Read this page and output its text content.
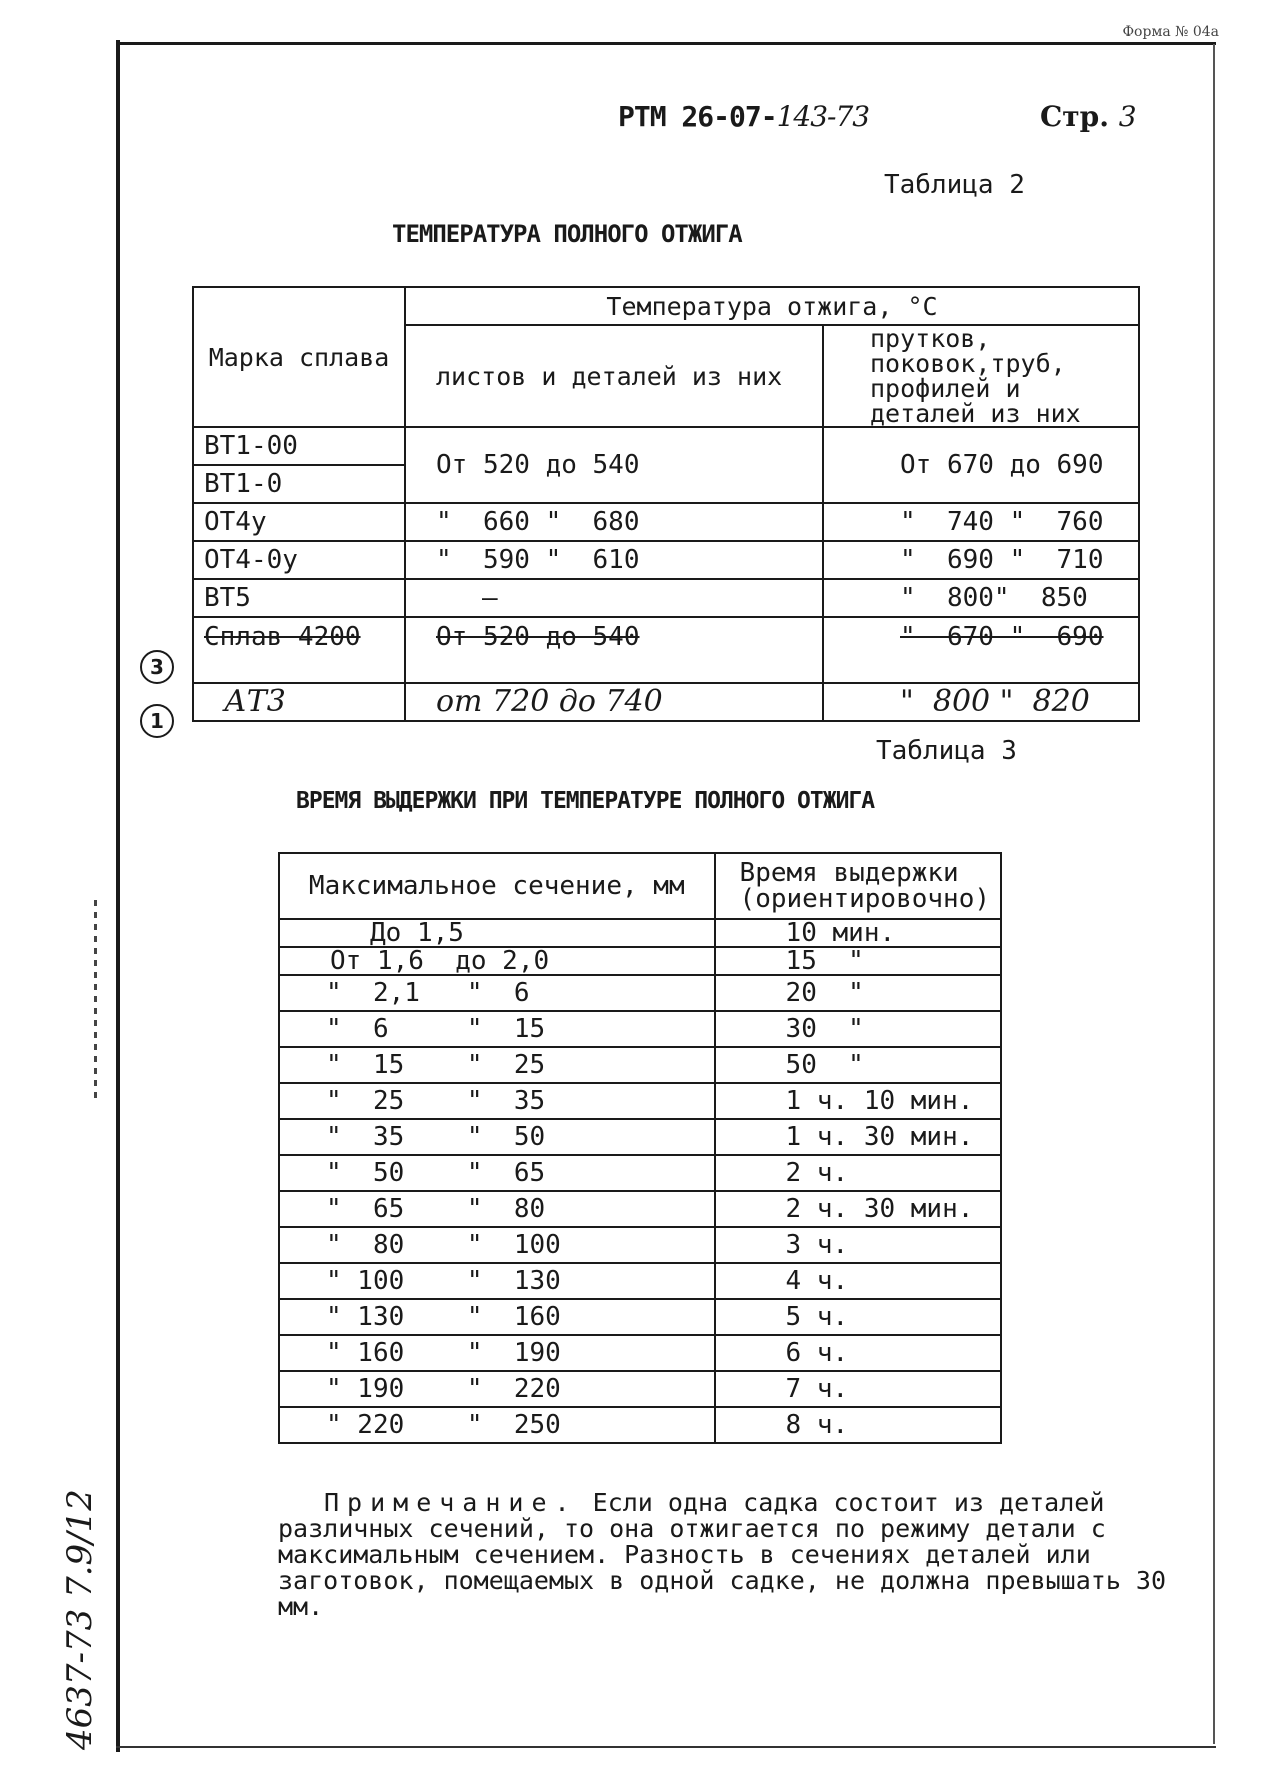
Форма № 04а
РТМ 26-07-143-73	Стр. 3
Таблица 2
ТЕМПЕРАТУРА ПОЛНОГО ОТЖИГА
Марка сплава	Температура отжига, °С	
	листов и деталей из них	прутков, поковок,труб, профилей и деталей из них
ВТ1-00	От 520 до 540	От 670 до 690
ВТ1-0		
ОТ4у	"  660 "  680	"  740 "  760
ОТ4-0у	"  590 "  610	"  690 "  710
ВТ5	—	"  800"  850
Сплав 4200	От 520 до 540	"  670 "  690
АТ3	от 720 до 740	"  800 "  820
3
1
Таблица 3
ВРЕМЯ ВЫДЕРЖКИ ПРИ ТЕМПЕРАТУРЕ ПОЛНОГО ОТЖИГА
Максимальное сечение, мм	Время выдержки (ориентировочно)
До 1,5	10 мин.
От 1,6  до 2,0	15  "
"  2,1   "  6	20  "
"  6     "  15	30  "
"  15    "  25	50  "
"  25    "  35	1 ч. 10 мин.
"  35    "  50	1 ч. 30 мин.
"  50    "  65	2 ч.
"  65    "  80	2 ч. 30 мин.
"  80    "  100	3 ч.
" 100    "  130	4 ч.
" 130    "  160	5 ч.
" 160    "  190	6 ч.
" 190    "  220	7 ч.
" 220    "  250	8 ч.
Примечание. Если одна садка состоит из деталей различных сечений, то она отжигается по режиму детали с максимальным сечением. Разность в сечениях деталей или заготовок, помещаемых в одной садке, не должна превышать 30 мм.
4637-73 7.9/12
